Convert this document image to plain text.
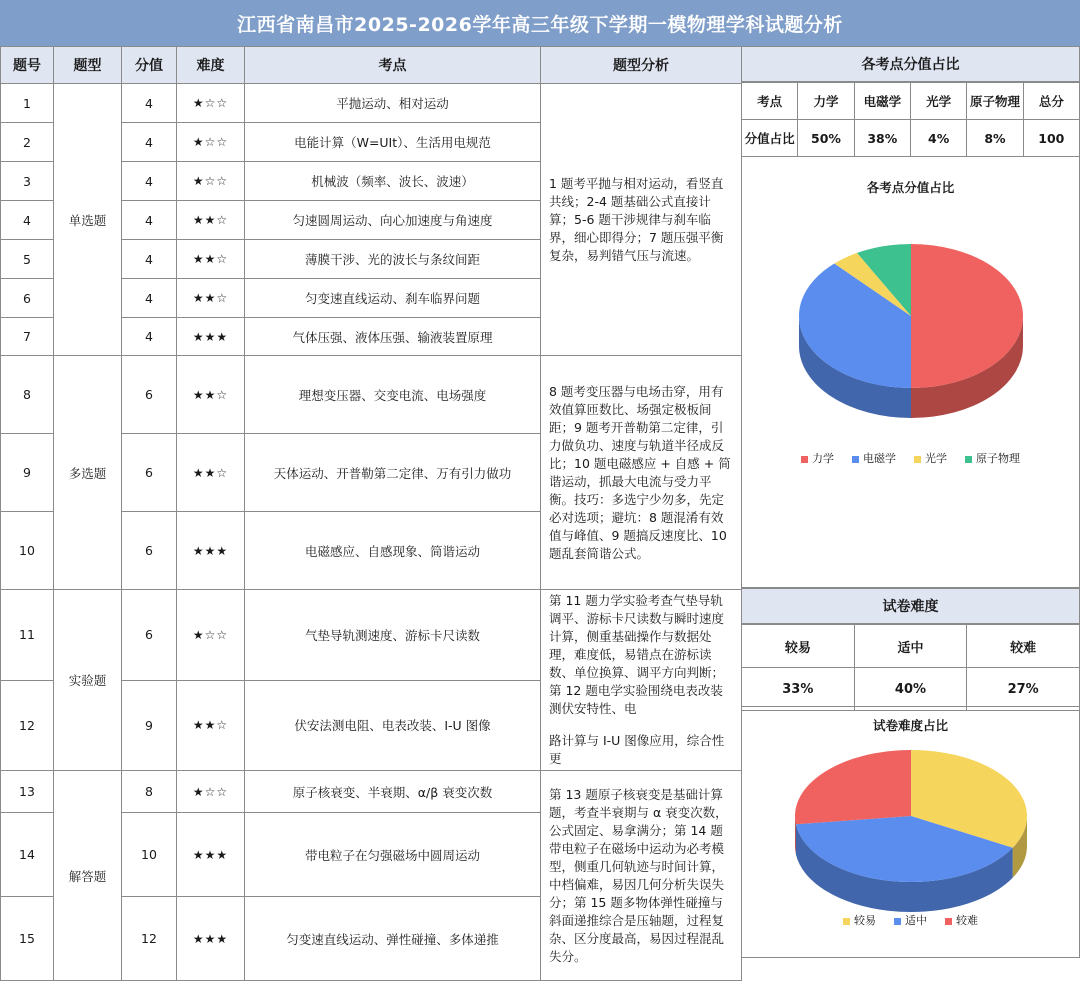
江西省南昌市2025-2026学年高三年级下学期一模物理学科试题分析
题号	题型	分值	难度	考点	题型分析
1	单选题	4	★☆☆	平抛运动、相对运动	1 题考平抛与相对运动，看竖直共线；2-4 题基础公式直接计算；5-6 题干涉规律与刹车临界，细心即得分；7 题压强平衡复杂，易判错气压与流速。
2		4	★☆☆	电能计算（W=UIt）、生活用电规范	
3		4	★☆☆	机械波（频率、波长、波速）	
4		4	★★☆	匀速圆周运动、向心加速度与角速度	
5		4	★★☆	薄膜干涉、光的波长与条纹间距	
6		4	★★☆	匀变速直线运动、刹车临界问题	
7		4	★★★	气体压强、液体压强、输液装置原理	
8	多选题	6	★★☆	理想变压器、交变电流、电场强度	8 题考变压器与电场击穿，用有效值算匝数比、场强定极板间距；9 题考开普勒第二定律，引力做负功、速度与轨道半径成反比；10 题电磁感应 + 自感 + 简谐运动，抓最大电流与受力平衡。技巧：多选宁少勿多，先定必对选项；避坑：8 题混淆有效值与峰值、9 题搞反速度比、10 题乱套简谐公式。
9		6	★★☆	天体运动、开普勒第二定律、万有引力做功	
10		6	★★★	电磁感应、自感现象、简谐运动	
11	实验题	6	★☆☆	气垫导轨测速度、游标卡尺读数	第 11 题力学实验考查气垫导轨调平、游标卡尺读数与瞬时速度计算，侧重基础操作与数据处理，难度低，易错点在游标读数、单位换算、调平方向判断；第 12 题电学实验围绕电表改装测伏安特性、电
路计算与 I-U 图像应用，综合性更

12		9	★★☆	伏安法测电阻、电表改装、I-U 图像	
13	解答题	8	★☆☆	原子核衰变、半衰期、α/β 衰变次数	第 13 题原子核衰变是基础计算题，考查半衰期与 α 衰变次数，公式固定、易拿满分；第 14 题带电粒子在磁场中运动为必考模型，侧重几何轨迹与时间计算，中档偏难，易因几何分析失误失分；第 15 题多物体弹性碰撞与斜面递推综合是压轴题，过程复杂、区分度最高，易因过程混乱失分。
14		10	★★★	带电粒子在匀强磁场中圆周运动	
15		12	★★★	匀变速直线运动、弹性碰撞、多体递推	
各考点分值占比
考点	力学	电磁学	光学	原子物理	总分
分值占比	50%	38%	4%	8%	100
各考点分值占比
力学	电磁学	光学	原子物理
试卷难度
较易	适中	较难
33%	40%	27%
试卷难度占比
较易	适中	较难
